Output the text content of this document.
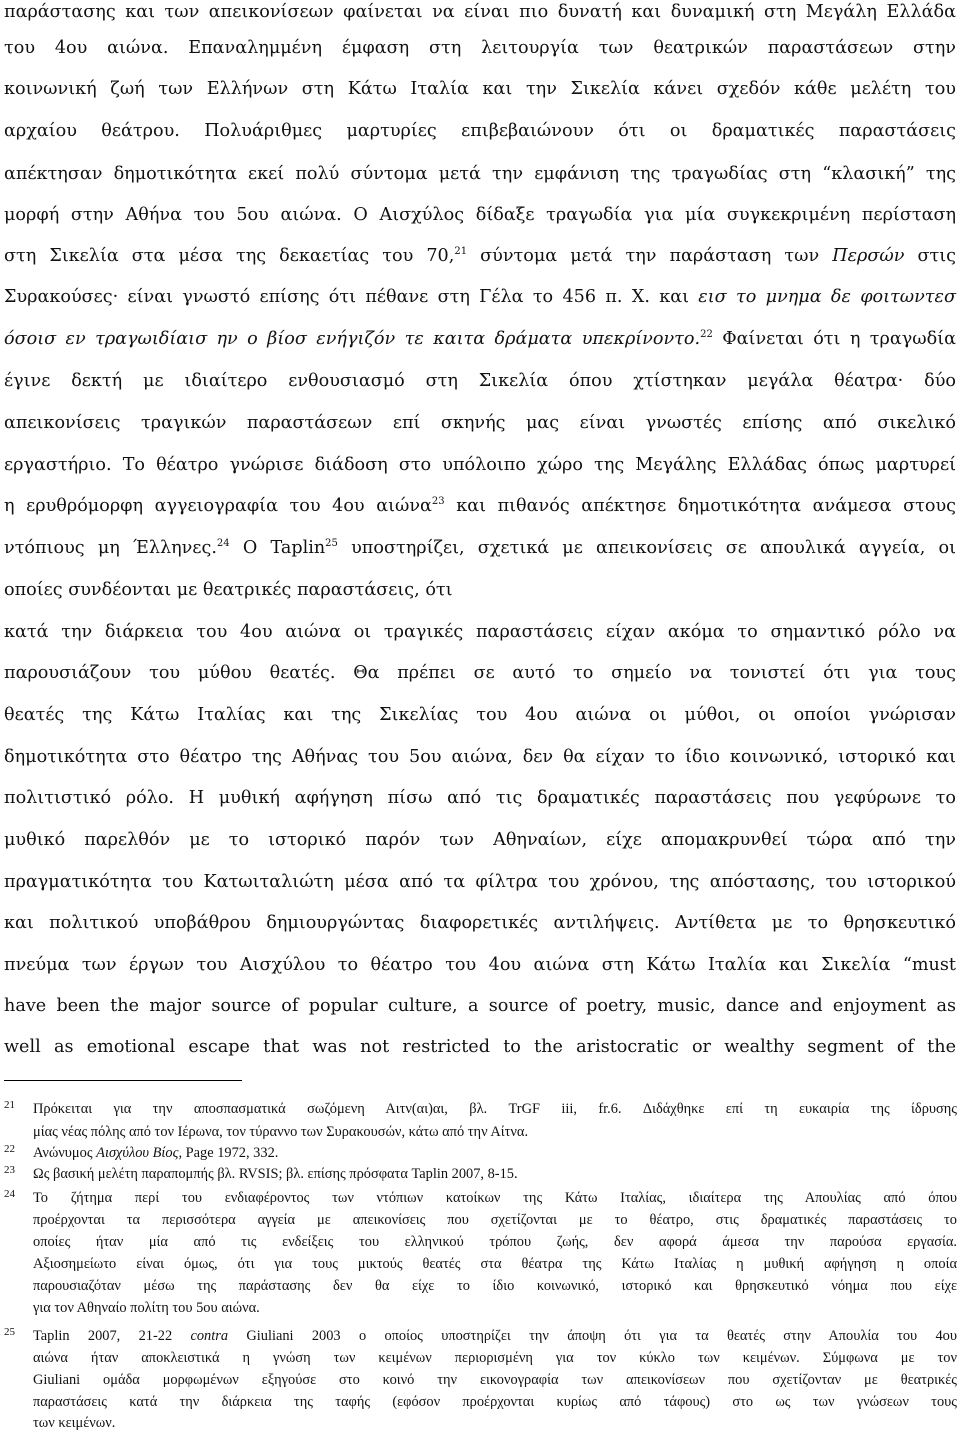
παράστασης και των απεικονίσεων φαίνεται να είναι πιο δυνατή και δυναμική στη Μεγάλη Ελλάδα
του 4ου αιώνα. Επαναλημμένη έμφαση στη λειτουργία των θεατρικών παραστάσεων στην
κοινωνική ζωή των Ελλήνων στη Κάτω Ιταλία και την Σικελία κάνει σχεδόν κάθε μελέτη του
αρχαίου θεάτρου. Πολυάριθμες μαρτυρίες επιβεβαιώνουν ότι οι δραματικές παραστάσεις
απέκτησαν δημοτικότητα εκεί πολύ σύντομα μετά την εμφάνιση της τραγωδίας στη “κλασική” της
μορφή στην Αθήνα του 5ου αιώνα. Ο Αισχύλος δίδαξε τραγωδία για μία συγκεκριμένη περίσταση
στη Σικελία στα μέσα της δεκαετίας του 70,21 σύντομα μετά την παράσταση των Περσών στις
Συρακούσες· είναι γνωστό επίσης ότι πέθανε στη Γέλα το 456 π. Χ. και εισ το μνημα δε φοιτωντεσ
όσοισ εν τραγωιδίαισ ην ο βίοσ ενήγιζόν τε καιτα δράματα υπεκρίνοντο.$^{22}$ Φαίνεται ότι η τραγωδία
έγινε δεκτή με ιδιαίτερο ενθουσιασμό στη Σικελία όπου χτίστηκαν μεγάλα θέατρα· δύο
απεικονίσεις τραγικών παραστάσεων επί σκηνής μας είναι γνωστές επίσης από σικελικό
εργαστήριο. Το θέατρο γνώρισε διάδοση στο υπόλοιπο χώρο της Μεγάλης Ελλάδας όπως μαρτυρεί
η ερυθρόμορφη αγγειογραφία του 4ου αιώνα$^{23}$ και πιθανός απέκτησε δημοτικότητα ανάμεσα στους
ντόπιους μη Έλληνες.$^{24}$ Ο Taplin$^{25}$ υποστηρίζει, σχετικά με απεικονίσεις σε απουλικά αγγεία, οι
οποίες συνδέονται με θεατρικές παραστάσεις, ότι
κατά την διάρκεια του 4ου αιώνα οι τραγικές παραστάσεις είχαν ακόμα το σημαντικό ρόλο να
παρουσιάζουν του μύθου θεατές. Θα πρέπει σε αυτό το σημείο να τονιστεί ότι για τους
θεατές της Κάτω Ιταλίας και της Σικελίας του 4ου αιώνα οι μύθοι, οι οποίοι γνώρισαν
δημοτικότητα στο θέατρο της Αθήνας του 5ου αιώνα, δεν θα είχαν το ίδιο κοινωνικό, ιστορικό και
πολιτιστικό ρόλο. Η μυθική αφήγηση πίσω από τις δραματικές παραστάσεις που γεφύρωνε το
μυθικό παρελθόν με το ιστορικό παρόν των Αθηναίων, είχε απομακρυνθεί τώρα από την
πραγματικότητα του Κατωιταλιώτη μέσα από τα φίλτρα του χρόνου, της απόστασης, του ιστορικού
και πολιτικού υποβάθρου δημιουργώντας διαφορετικές αντιλήψεις. Αντίθετα με το θρησκευτικό
πνεύμα των έργων του Αισχύλου το θέατρο του 4ου αιώνα στη Κάτω Ιταλία και Σικελία “must
have been the major source of popular culture, a source of poetry, music, dance and enjoyment as
well as emotional escape that was not restricted to the aristocratic or wealthy segment of the
21 Πρόκειται για την αποσπασματικά σωζόμενη Αιτν(αι)αι, βλ. TrGF iii, fr.6. Διδάχθηκε επί τη ευκαιρία της ίδρυσης
μίας νέας πόλης από τον Ιέρωνα, τον τύραννο των Συρακουσών, κάτω από την Αίτνα.
22 Ανώνυμος Αισχύλου Βίος, Page 1972, 332.
23 Ως βασική μελέτη παραπομπής βλ. RVSIS; βλ. επίσης πρόσφατα Taplin 2007, 8-15.
24 Το ζήτημα περί του ενδιαφέροντος των ντόπιων κατοίκων της Κάτω Ιταλίας, ιδιαίτερα της Απουλίας από όπου
προέρχονται τα περισσότερα αγγεία με απεικονίσεις που σχετίζονται με το θέατρο, στις δραματικές παραστάσεις το
οποίες ήταν μία από τις ενδείξεις του ελληνικού τρόπου ζωής, δεν αφορά άμεσα την παρούσα εργασία.
Αξιοσημείωτο είναι όμως, ότι για τους μικτούς θεατές στα θέατρα της Κάτω Ιταλίας η μυθική αφήγηση η οποία
παρουσιαζόταν μέσω της παράστασης δεν θα είχε το ίδιο κοινωνικό, ιστορικό και θρησκευτικό νόημα που είχε
για τον Αθηναίο πολίτη του 5ου αιώνα.
25 Taplin 2007, 21-22 contra Giuliani 2003 ο οποίος υποστηρίζει την άποψη ότι για τα θεατές στην Απουλία του 4ου
αιώνα ήταν αποκλειστικά η γνώση των κειμένων περιορισμένη για τον κύκλο των κειμένων. Σύμφωνα με τον
Giuliani ομάδα μορφωμένων εξηγούσε στο κοινό την εικονογραφία των απεικονίσεων που σχετίζονταν με θεατρικές
παραστάσεις κατά την διάρκεια της ταφής (εφόσον προέρχονται κυρίως από τάφους) στο ως των γνώσεων τους
των κειμένων.
